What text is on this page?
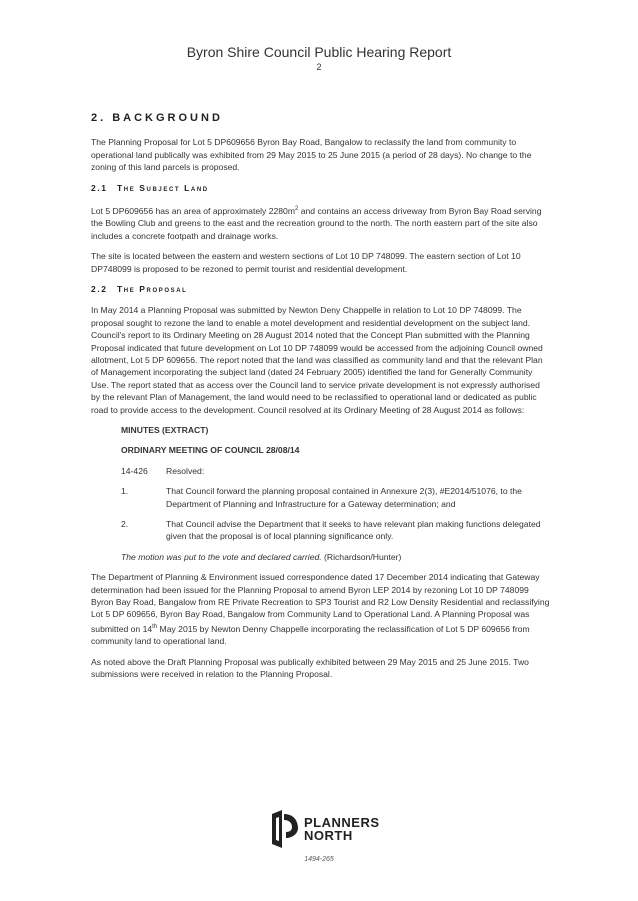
Byron Shire Council Public Hearing Report
2
2. BACKGROUND

The Planning Proposal for Lot 5 DP609656 Byron Bay Road, Bangalow to reclassify the land from community to operational land publically was exhibited from 29 May 2015 to 25 June 2015 (a period of 28 days). No change to the zoning of this land parcels is proposed.

2.1 The Subject Land

Lot 5 DP609656 has an area of approximately $2280m^2$ and contains an access driveway from Byron Bay Road serving the Bowling Club and greens to the east and the recreation ground to the north. The north eastern part of the site also includes a concrete footpath and drainage works.

The site is located between the eastern and western sections of Lot 10 DP 748099. The eastern section of Lot 10 DP748099 is proposed to be rezoned to permit tourist and residential development.

2.2 The Proposal

In May 2014 a Planning Proposal was submitted by Newton Deny Chappelle in relation to Lot 10 DP 748099. The proposal sought to rezone the land to enable a motel development and residential development on the subject land. Council's report to its Ordinary Meeting on 28 August 2014 noted that the Concept Plan submitted with the Planning Proposal indicated that future development on Lot 10 DP 748099 would be accessed from the adjoining Council owned allotment, Lot 5 DP 609656. The report noted that the land was classified as community land and that the relevant Plan of Management incorporating the subject land (dated 24 February 2005) identified the land for Generally Community Use. The report stated that as access over the Council land to service private development is not expressly authorised by the relevant Plan of Management, the land would need to be reclassified to operational land or dedicated as public road to provide access to the development. Council resolved at its Ordinary Meeting of 28 August 2014 as follows:

MINUTES (EXTRACT)
ORDINARY MEETING OF COUNCIL 28/08/14
14-426	Resolved:
1.	That Council forward the planning proposal contained in Annexure 2(3), #E2014/51076, to the Department of Planning and Infrastructure for a Gateway determination; and
2.	That Council advise the Department that it seeks to have relevant plan making functions delegated given that the proposal is of local planning significance only.

The motion was put to the vote and declared carried. (Richardson/Hunter)

The Department of Planning & Environment issued correspondence dated 17 December 2014 indicating that Gateway determination had been issued for the Planning Proposal to amend Byron LEP 2014 by rezoning Lot 10 DP 748099 Byron Bay Road, Bangalow from RE Private Recreation to SP3 Tourist and R2 Low Density Residential and reclassifying Lot 5 DP 609656, Byron Bay Road, Bangalow from Community Land to Operational Land. A Planning Proposal was submitted on 14th May 2015 by Newton Denny Chappelle incorporating the reclassification of Lot 5 DP 609656 from community land to operational land.

As noted above the Draft Planning Proposal was publically exhibited between 29 May 2015 and 25 June 2015. Two submissions were received in relation to the Planning Proposal.

PLANNERS
NORTH
1494-265
